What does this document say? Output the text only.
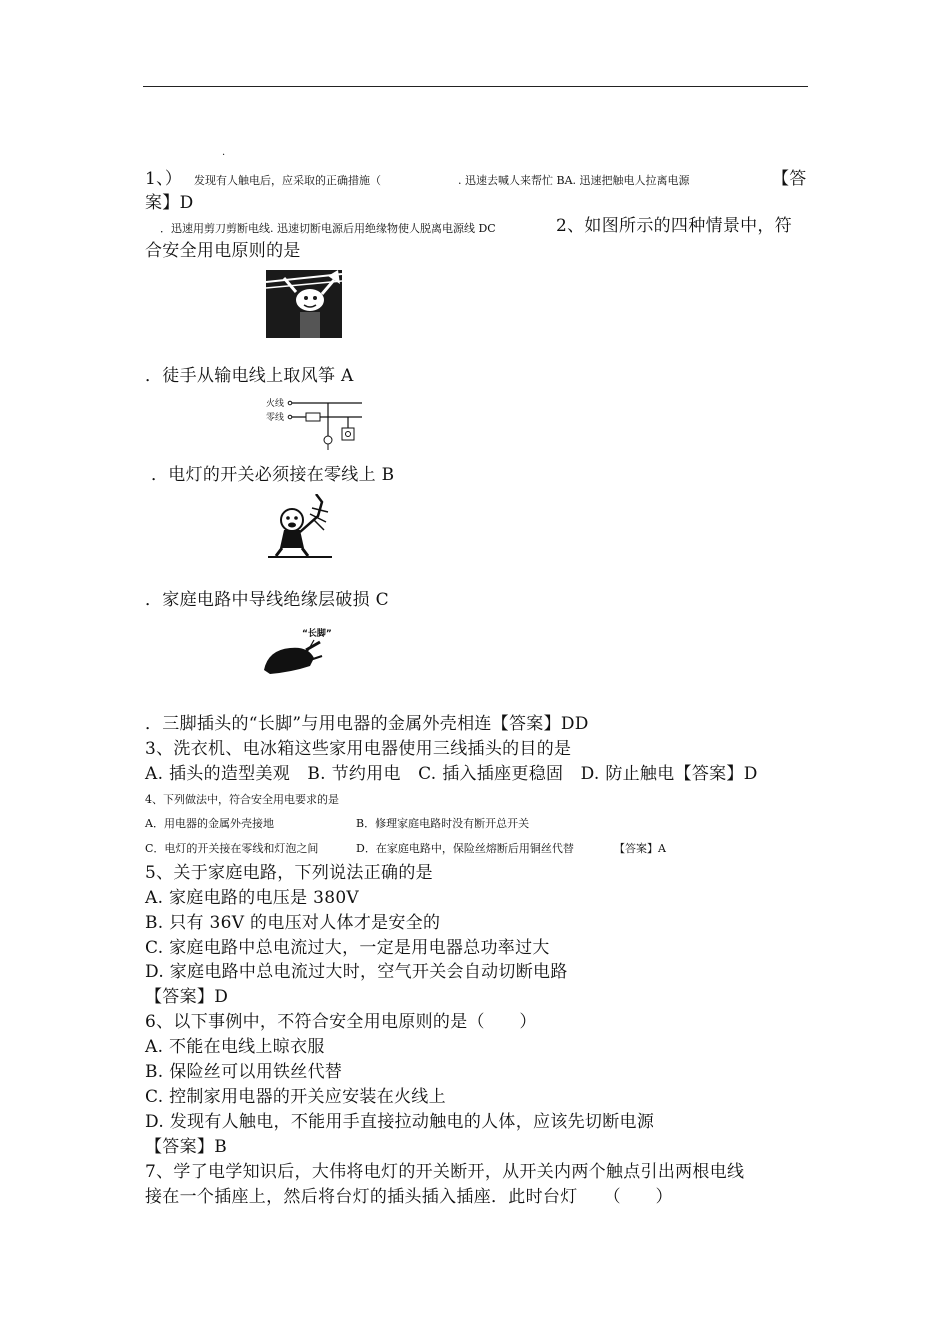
.
1、） 发现有人触电后，应采取的正确措施（	. 迅速去喊人来帮忙 BA. 迅速把触电人拉离电源	【答
案】D
．迅速用剪刀剪断电线. 迅速切断电源后用绝缘物使人脱离电源线 DC	2、如图所示的四种情景中，符
合安全用电原则的是
．徒手从输电线上取风筝 A
火线
零线
．电灯的开关必须接在零线上 B
．家庭电路中导线绝缘层破损 C
“长脚”
．三脚插头的“长脚”与用电器的金属外壳相连【答案】DD
3、洗衣机、电冰箱这些家用电器使用三线插头的目的是
A. 插头的造型美观　B. 节约用电　C. 插入插座更稳固　D. 防止触电【答案】D
4、下列做法中，符合安全用电要求的是
A．用电器的金属外壳接地	B．修理家庭电路时没有断开总开关
C．电灯的开关接在零线和灯泡之间	D．在家庭电路中，保险丝熔断后用铜丝代替	【答案】A
5、关于家庭电路，下列说法正确的是
A. 家庭电路的电压是 380V
B. 只有 36V 的电压对人体才是安全的
C. 家庭电路中总电流过大，一定是用电器总功率过大
D. 家庭电路中总电流过大时，空气开关会自动切断电路
【答案】D
6、以下事例中，不符合安全用电原则的是（　　）
A. 不能在电线上晾衣服
B. 保险丝可以用铁丝代替
C. 控制家用电器的开关应安装在火线上
D. 发现有人触电，不能用手直接拉动触电的人体，应该先切断电源
【答案】B
7、学了电学知识后，大伟将电灯的开关断开，从开关内两个触点引出两根电线
接在一个插座上，然后将台灯的插头插入插座．此时台灯　　（　　）
